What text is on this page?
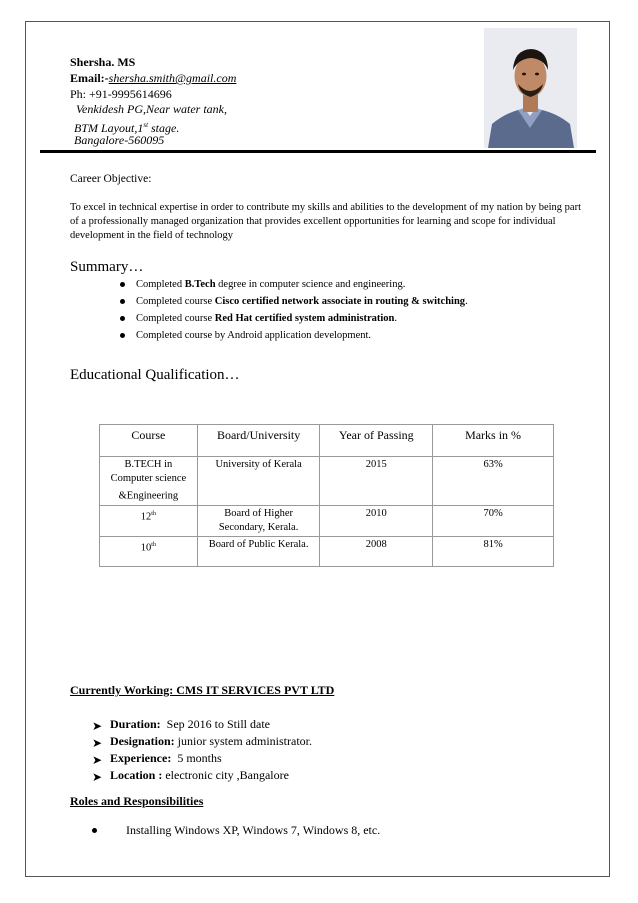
Shersha. MS
Email:-shersha.smith@gmail.com
Ph: +91-9995614696
Venkidesh PG,Near water tank,
BTM Layout,1st stage.
Bangalore-560095
Career Objective:
To excel in technical expertise in order to contribute my skills and abilities to the development of my nation by being part of a professionally managed organization that provides excellent opportunities for learning and scope for individual development in the field of technology
Summary…
Completed B.Tech degree in computer science and engineering.
Completed course Cisco certified network associate in routing & switching.
Completed course Red Hat certified system administration.
Completed course by Android application development.
Educational Qualification…
Course	Board/University	Year of Passing	Marks in %
B.TECH in Computer science &Engineering	University of Kerala	2015	63%
12th	Board of Higher Secondary, Kerala.	2010	70%
10th	Board of Public Kerala.	2008	81%
Currently Working: CMS IT SERVICES PVT LTD
➤ Duration:  Sep 2016 to Still date
➤ Designation: junior system administrator.
➤ Experience:  5 months
➤ Location : electronic city ,Bangalore
Roles and Responsibilities
Installing Windows XP, Windows 7, Windows 8, etc.
